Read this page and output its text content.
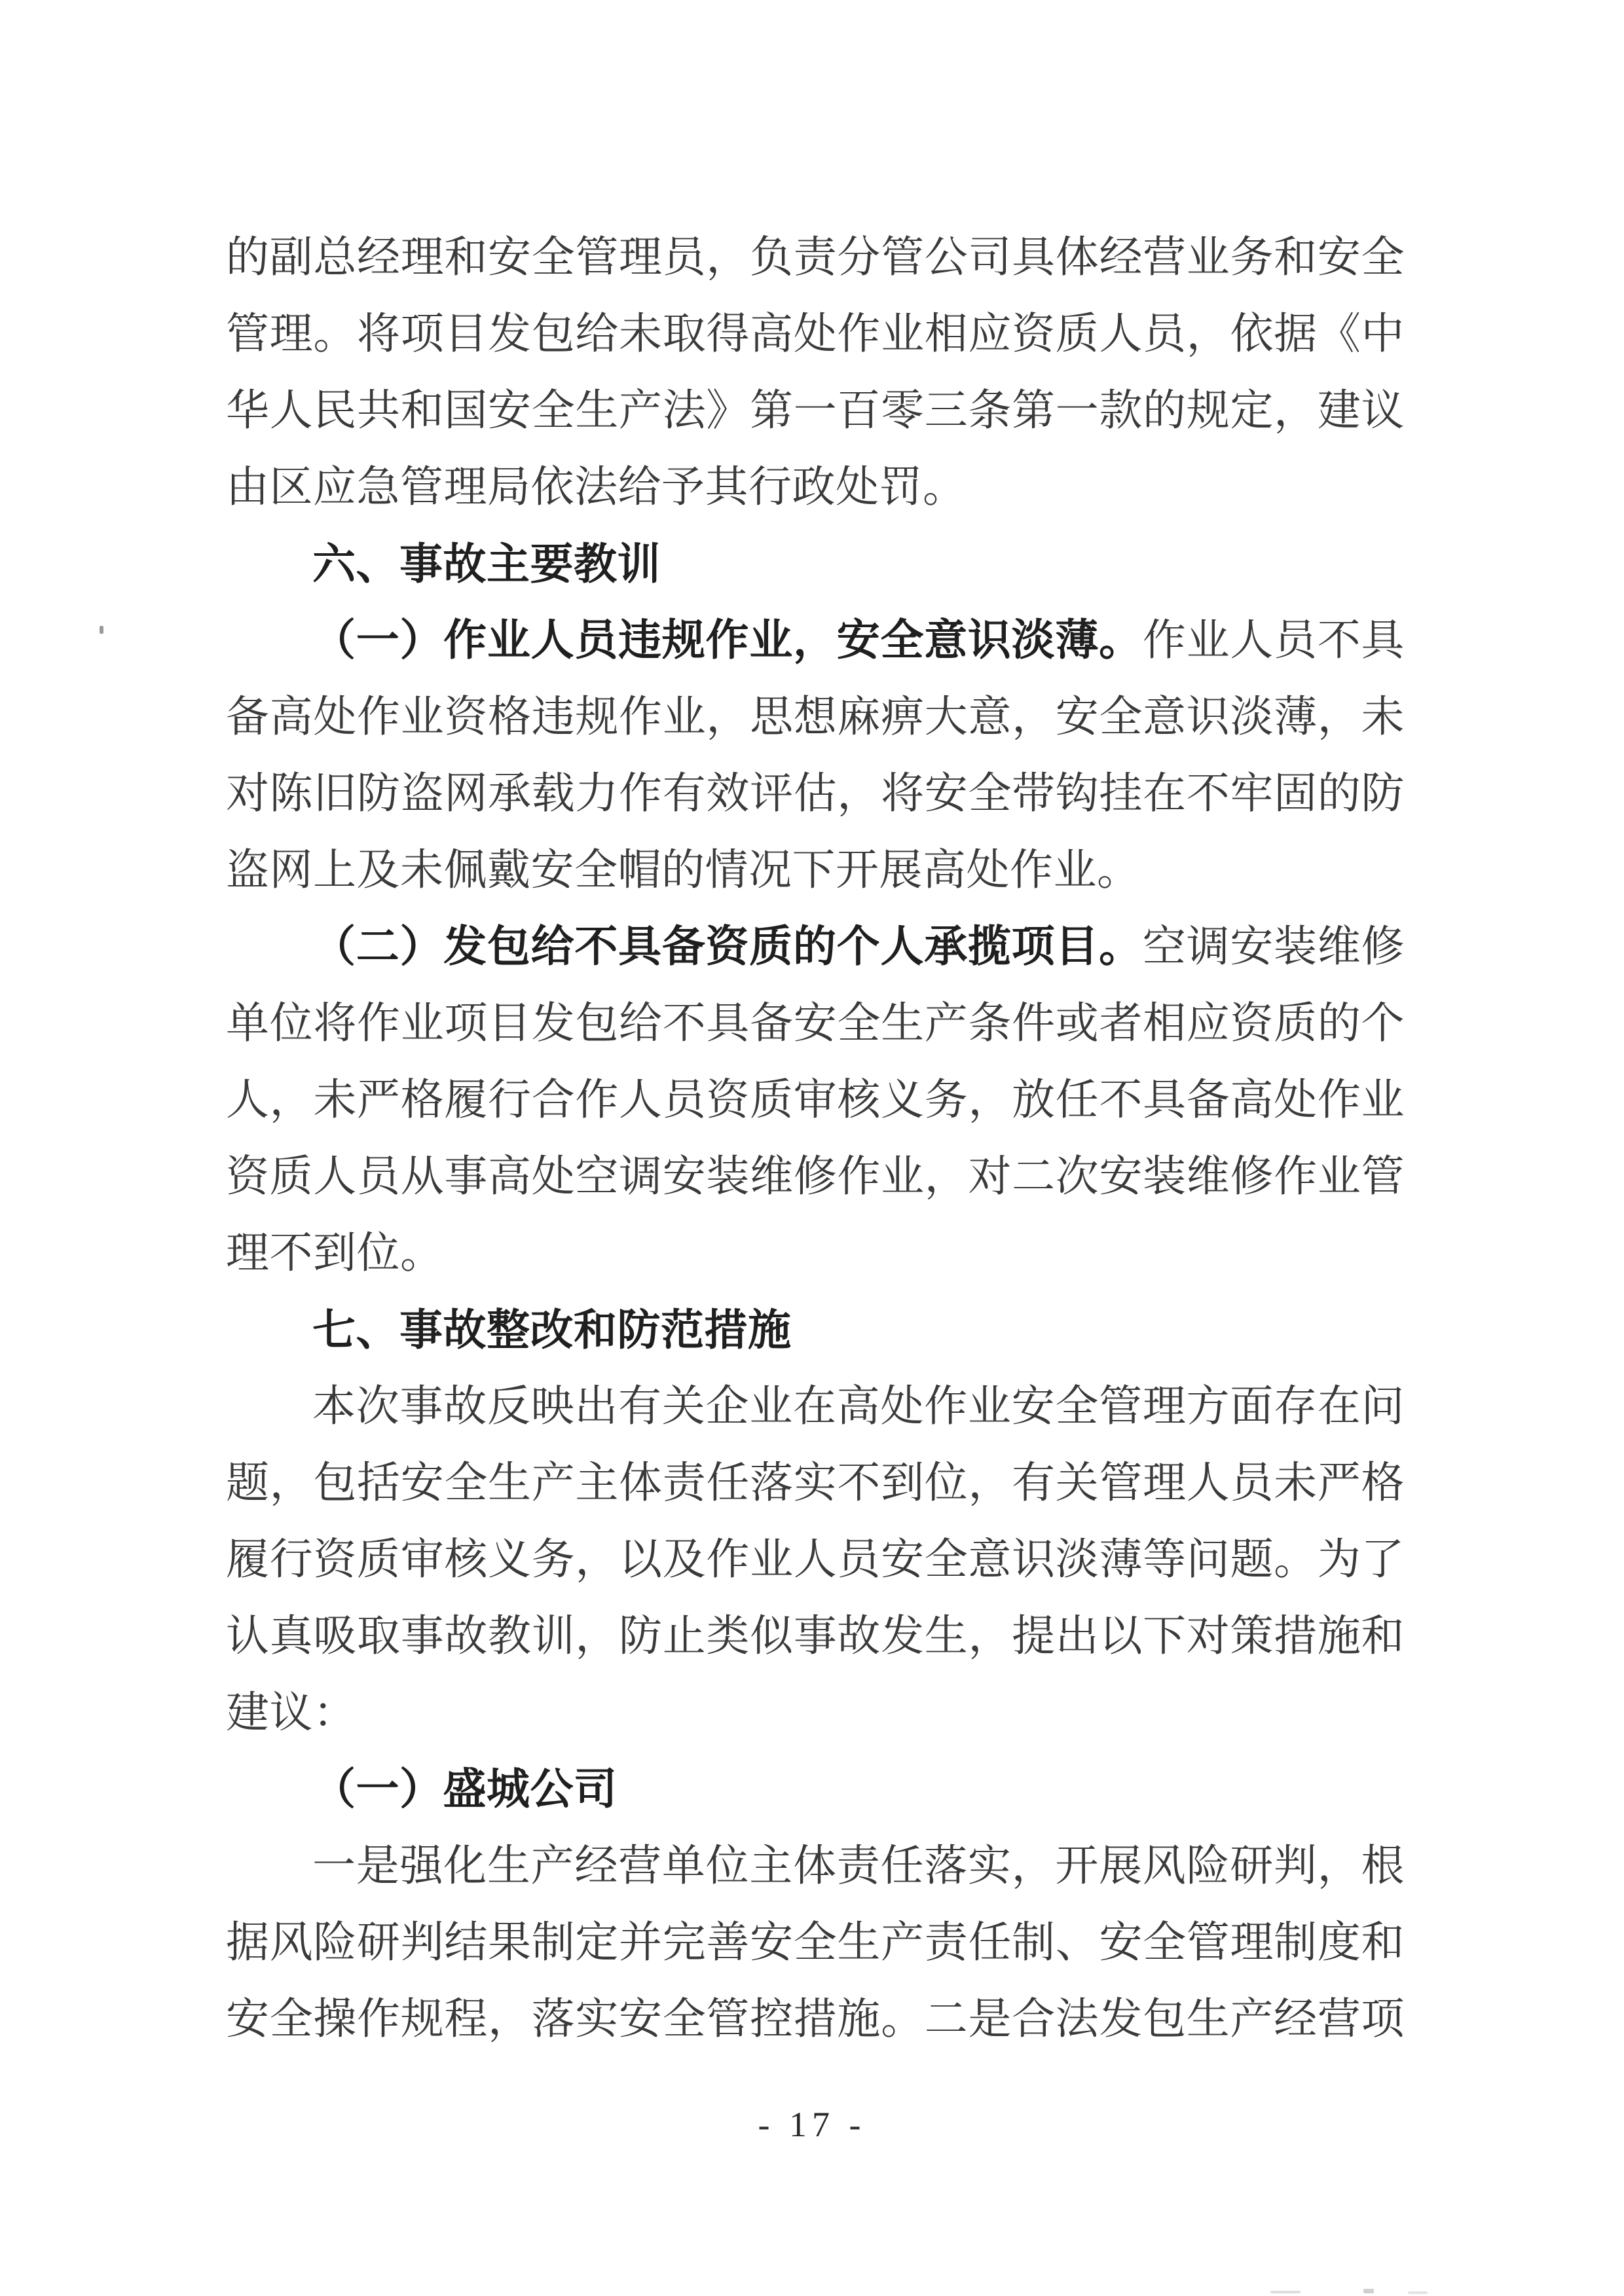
的副总经理和安全管理员，负责分管公司具体经营业务和安全
管理。将项目发包给未取得高处作业相应资质人员，依据《中
华人民共和国安全生产法》第一百零三条第一款的规定，建议
由区应急管理局依法给予其行政处罚。
六、事故主要教训
（一）作业人员违规作业，安全意识淡薄。作业人员不具
备高处作业资格违规作业，思想麻痹大意，安全意识淡薄，未
对陈旧防盗网承载力作有效评估，将安全带钩挂在不牢固的防
盗网上及未佩戴安全帽的情况下开展高处作业。
（二）发包给不具备资质的个人承揽项目。空调安装维修
单位将作业项目发包给不具备安全生产条件或者相应资质的个
人，未严格履行合作人员资质审核义务，放任不具备高处作业
资质人员从事高处空调安装维修作业，对二次安装维修作业管
理不到位。
七、事故整改和防范措施
本次事故反映出有关企业在高处作业安全管理方面存在问
题，包括安全生产主体责任落实不到位，有关管理人员未严格
履行资质审核义务，以及作业人员安全意识淡薄等问题。为了
认真吸取事故教训，防止类似事故发生，提出以下对策措施和
建议：
（一）盛城公司
一是强化生产经营单位主体责任落实，开展风险研判，根
据风险研判结果制定并完善安全生产责任制、安全管理制度和
安全操作规程，落实安全管控措施。二是合法发包生产经营项
- 17 -
